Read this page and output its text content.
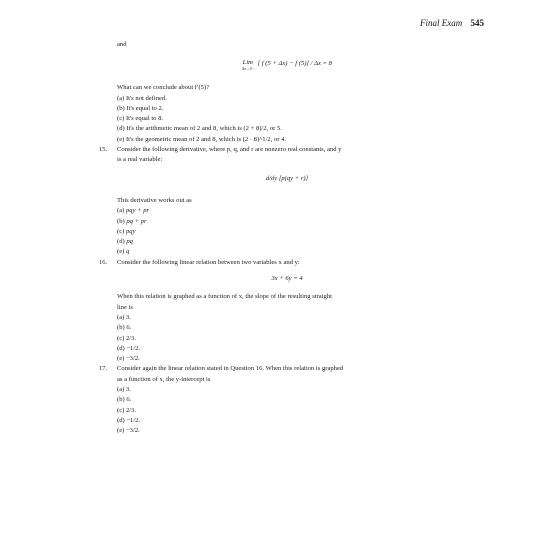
Final Exam 545

and

Lim
Δx→0−
[ f (5 + Δx) − f (5)] / Δx = 8

What can we conclude about f′(5)?

(a) It's not defined.

(b) It's equal to 2.

(c) It's equal to 8.

(d) It's the arithmetic mean of 2 and 8, which is (2 + 8)/2, or 5.

(e) It's the geometric mean of 2 and 8, which is (2 · 8)^1/2, or 4.

15. Consider the following derivative, where p, q, and r are nonzero real constants, and y

is a real variable:

d/dy [p(qy + r)]

This derivative works out as

(a) pqy + pr

(b) pq + pr

(c) pqy

(d) pq

(e) q

16. Consider the following linear relation between two variables x and y:

3x + 6y = 4

When this relation is graphed as a function of x, the slope of the resulting straight

line is

(a) 3.

(b) 6.

(c) 2/3.

(d) −1/2.

(e) −3/2.

17. Consider again the linear relation stated in Question 16. When this relation is graphed

as a function of x, the y-intercept is

(a) 3.

(b) 6.

(c) 2/3.

(d) −1/2.

(e) −3/2.
